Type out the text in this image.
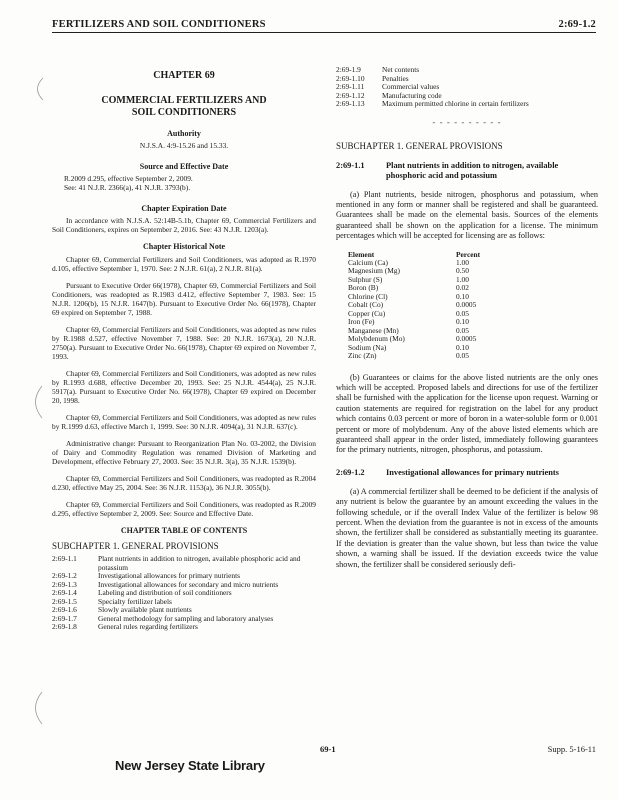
FERTILIZERS AND SOIL CONDITIONERS	2:69-1.2
CHAPTER 69
COMMERCIAL FERTILIZERS AND
SOIL CONDITIONERS
Authority
N.J.S.A. 4:9-15.26 and 15.33.
Source and Effective Date
R.2009 d.295, effective September 2, 2009.
See: 41 N.J.R. 2366(a), 41 N.J.R. 3793(b).
Chapter Expiration Date

In accordance with N.J.S.A. 52:14B-5.1b, Chapter 69, Commercial Fertilizers and Soil Conditioners, expires on September 2, 2016. See: 43 N.J.R. 1203(a).

Chapter Historical Note

Chapter 69, Commercial Fertilizers and Soil Conditioners, was adopted as R.1970 d.105, effective September 1, 1970. See: 2 N.J.R. 61(a), 2 N.J.R. 81(a).

Pursuant to Executive Order 66(1978), Chapter 69, Commercial Fertilizers and Soil Conditioners, was readopted as R.1983 d.412, effective September 7, 1983. See: 15 N.J.R. 1206(b), 15 N.J.R. 1647(b). Pursuant to Executive Order No. 66(1978), Chapter 69 expired on September 7, 1988.

Chapter 69, Commercial Fertilizers and Soil Conditioners, was adopted as new rules by R.1988 d.527, effective November 7, 1988. See: 20 N.J.R. 1673(a), 20 N.J.R. 2750(a). Pursuant to Executive Order No. 66(1978), Chapter 69 expired on November 7, 1993.

Chapter 69, Commercial Fertilizers and Soil Conditioners, was adopted as new rules by R.1993 d.688, effective December 20, 1993. See: 25 N.J.R. 4544(a), 25 N.J.R. 5917(a). Pursuant to Executive Order No. 66(1978), Chapter 69 expired on December 20, 1998.

Chapter 69, Commercial Fertilizers and Soil Conditioners, was adopted as new rules by R.1999 d.63, effective March 1, 1999. See: 30 N.J.R. 4094(a), 31 N.J.R. 637(c).

Administrative change: Pursuant to Reorganization Plan No. 03-2002, the Division of Dairy and Commodity Regulation was renamed Division of Marketing and Development, effective February 27, 2003. See: 35 N.J.R. 3(a), 35 N.J.R. 1539(b).

Chapter 69, Commercial Fertilizers and Soil Conditioners, was readopted as R.2004 d.230, effective May 25, 2004. See: 36 N.J.R. 1153(a), 36 N.J.R. 3055(b).

Chapter 69, Commercial Fertilizers and Soil Conditioners, was readopted as R.2009 d.295, effective September 2, 2009. See: Source and Effective Date.

CHAPTER TABLE OF CONTENTS
SUBCHAPTER 1. GENERAL PROVISIONS
2:69-1.1	Plant nutrients in addition to nitrogen, available phosphoric acid and potassium
2:69-1.2	Investigational allowances for primary nutrients
2:69-1.3	Investigational allowances for secondary and micro nutrients
2:69-1.4	Labeling and distribution of soil conditioners
2:69-1.5	Specialty fertilizer labels
2:69-1.6	Slowly available plant nutrients
2:69-1.7	General methodology for sampling and laboratory analyses
2:69-1.8	General rules regarding fertilizers
2:69-1.9	Net contents
2:69-1.10	Penalties
2:69-1.11	Commercial values
2:69-1.12	Manufacturing code
2:69-1.13	Maximum permitted chlorine in certain fertilizers
- - - - - - - - - -
SUBCHAPTER 1. GENERAL PROVISIONS
2:69-1.1	Plant nutrients in addition to nitrogen, available phosphoric acid and potassium

(a) Plant nutrients, beside nitrogen, phosphorus and potassium, when mentioned in any form or manner shall be registered and shall be guaranteed. Guarantees shall be made on the elemental basis. Sources of the elements guaranteed shall be shown on the application for a license. The minimum percentages which will be accepted for licensing are as follows:

Element	Percent
Calcium (Ca)	1.00
Magnesium (Mg)	0.50
Sulphur (S)	1.00
Boron (B)	0.02
Chlorine (Cl)	0.10
Cobalt (Co)	0.0005
Copper (Cu)	0.05
Iron (Fe)	0.10
Manganese (Mn)	0.05
Molybdenum (Mo)	0.0005
Sodium (Na)	0.10
Zinc (Zn)	0.05

(b) Guarantees or claims for the above listed nutrients are the only ones which will be accepted. Proposed labels and directions for use of the fertilizer shall be furnished with the application for the license upon request. Warning or caution statements are required for registration on the label for any product which contains 0.03 percent or more of boron in a water-soluble form or 0.001 percent or more of molybdenum. Any of the above listed elements which are guaranteed shall appear in the order listed, immediately following guarantees for the primary nutrients, nitrogen, phosphorus, and potassium.

2:69-1.2	Investigational allowances for primary nutrients

(a) A commercial fertilizer shall be deemed to be deficient if the analysis of any nutrient is below the guarantee by an amount exceeding the values in the following schedule, or if the overall Index Value of the fertilizer is below 98 percent. When the deviation from the guarantee is not in excess of the amounts shown, the fertilizer shall be considered as substantially meeting its guarantee. If the deviation is greater than the value shown, but less than twice the value shown, a warning shall be issued. If the deviation exceeds twice the value shown, the fertilizer shall be considered seriously defi-

69-1	Supp. 5-16-11
New Jersey State Library
